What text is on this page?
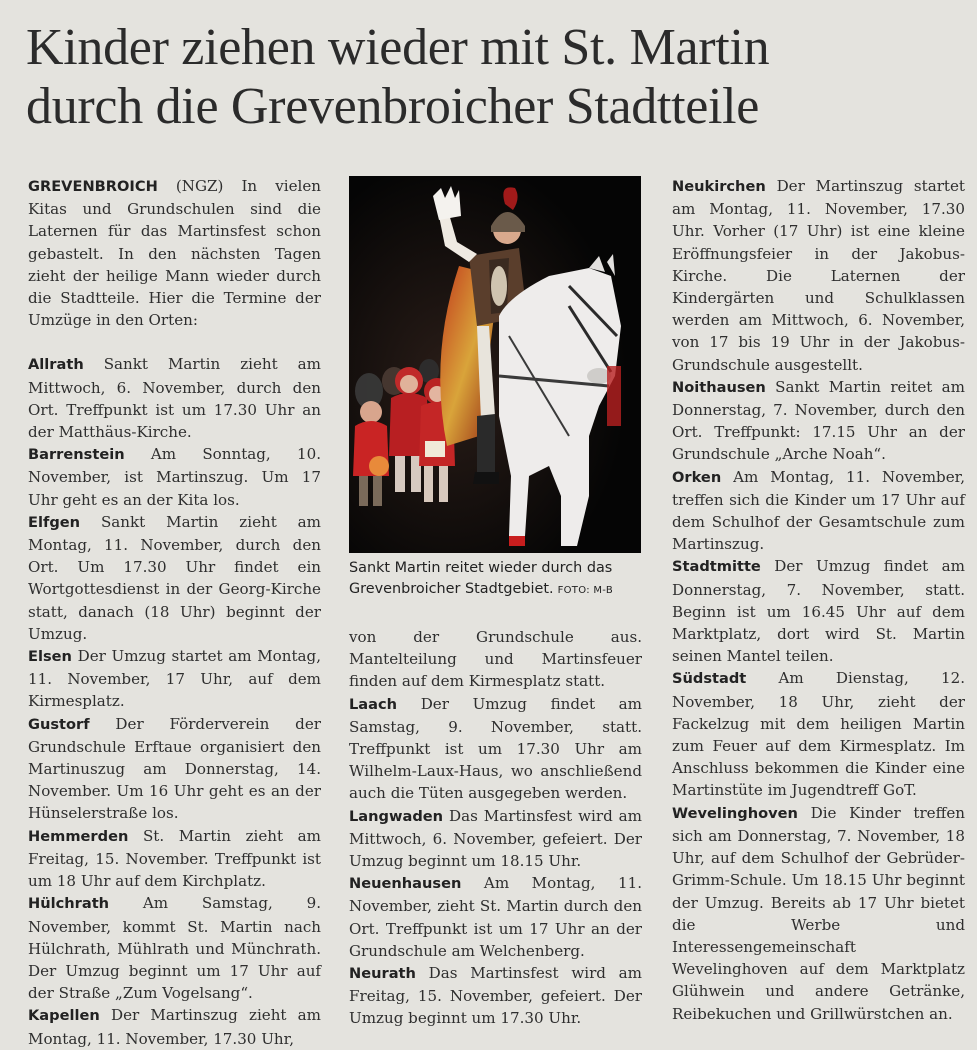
Kinder ziehen wieder mit St. Martin
durch die Grevenbroicher Stadtteile

GREVENBROICH (NGZ) In vielen Kitas und Grundschulen sind die Laternen für das Martinsfest schon gebastelt. In den nächsten Tagen zieht der heilige Mann wieder durch die Stadtteile. Hier die Termine der Umzüge in den Orten:

Allrath Sankt Martin zieht am Mittwoch, 6. November, durch den Ort. Treffpunkt ist um 17.30 Uhr an der Matthäus-Kirche.

Barrenstein Am Sonntag, 10. November, ist Martinszug. Um 17 Uhr geht es an der Kita los.

Elfgen Sankt Martin zieht am Montag, 11. November, durch den Ort. Um 17.30 Uhr findet ein Wortgottesdienst in der Georg-Kirche statt, danach (18 Uhr) beginnt der Umzug.

Elsen Der Umzug startet am Montag, 11. November, 17 Uhr, auf dem Kirmesplatz.

Gustorf Der Förderverein der Grundschule Erftaue organisiert den Martinuszug am Donnerstag, 14. November. Um 16 Uhr geht es an der Hünselerstraße los.

Hemmerden St. Martin zieht am Freitag, 15. November. Treffpunkt ist um 18 Uhr auf dem Kirchplatz.

Hülchrath Am Samstag, 9. November, kommt St. Martin nach Hülchrath, Mühlrath und Münchrath. Der Umzug beginnt um 17 Uhr auf der Straße „Zum Vogelsang“.

Kapellen Der Martinszug zieht am Montag, 11. November, 17.30 Uhr,

Sankt Martin reitet wieder durch das Grevenbroicher Stadtgebiet. FOTO: M-B

von der Grundschule aus. Mantelteilung und Martinsfeuer finden auf dem Kirmesplatz statt.

Laach Der Umzug findet am Samstag, 9. November, statt. Treffpunkt ist um 17.30 Uhr am Wilhelm-Laux-Haus, wo anschließend auch die Tüten ausgegeben werden.

Langwaden Das Martinsfest wird am Mittwoch, 6. November, gefeiert. Der Umzug beginnt um 18.15 Uhr.

Neuenhausen Am Montag, 11. November, zieht St. Martin durch den Ort. Treffpunkt ist um 17 Uhr an der Grundschule am Welchenberg.

Neurath Das Martinsfest wird am Freitag, 15. November, gefeiert. Der Umzug beginnt um 17.30 Uhr.

Neukirchen Der Martinszug startet am Montag, 11. November, 17.30 Uhr. Vorher (17 Uhr) ist eine kleine Eröffnungsfeier in der Jakobus-Kirche. Die Laternen der Kindergärten und Schulklassen werden am Mittwoch, 6. November, von 17 bis 19 Uhr in der Jakobus-Grundschule ausgestellt.

Noithausen Sankt Martin reitet am Donnerstag, 7. November, durch den Ort. Treffpunkt: 17.15 Uhr an der Grundschule „Arche Noah“.

Orken Am Montag, 11. November, treffen sich die Kinder um 17 Uhr auf dem Schulhof der Gesamtschule zum Martinszug.

Stadtmitte Der Umzug findet am Donnerstag, 7. November, statt. Beginn ist um 16.45 Uhr auf dem Marktplatz, dort wird St. Martin seinen Mantel teilen.

Südstadt Am Dienstag, 12. November, 18 Uhr, zieht der Fackelzug mit dem heiligen Martin zum Feuer auf dem Kirmesplatz. Im Anschluss bekommen die Kinder eine Martinstüte im Jugendtreff GoT.

Wevelinghoven Die Kinder treffen sich am Donnerstag, 7. November, 18 Uhr, auf dem Schulhof der Gebrüder-Grimm-Schule. Um 18.15 Uhr beginnt der Umzug. Bereits ab 17 Uhr bietet die Werbe und Interessengemeinschaft Wevelinghoven auf dem Marktplatz Glühwein und andere Getränke, Reibekuchen und Grillwürstchen an.
